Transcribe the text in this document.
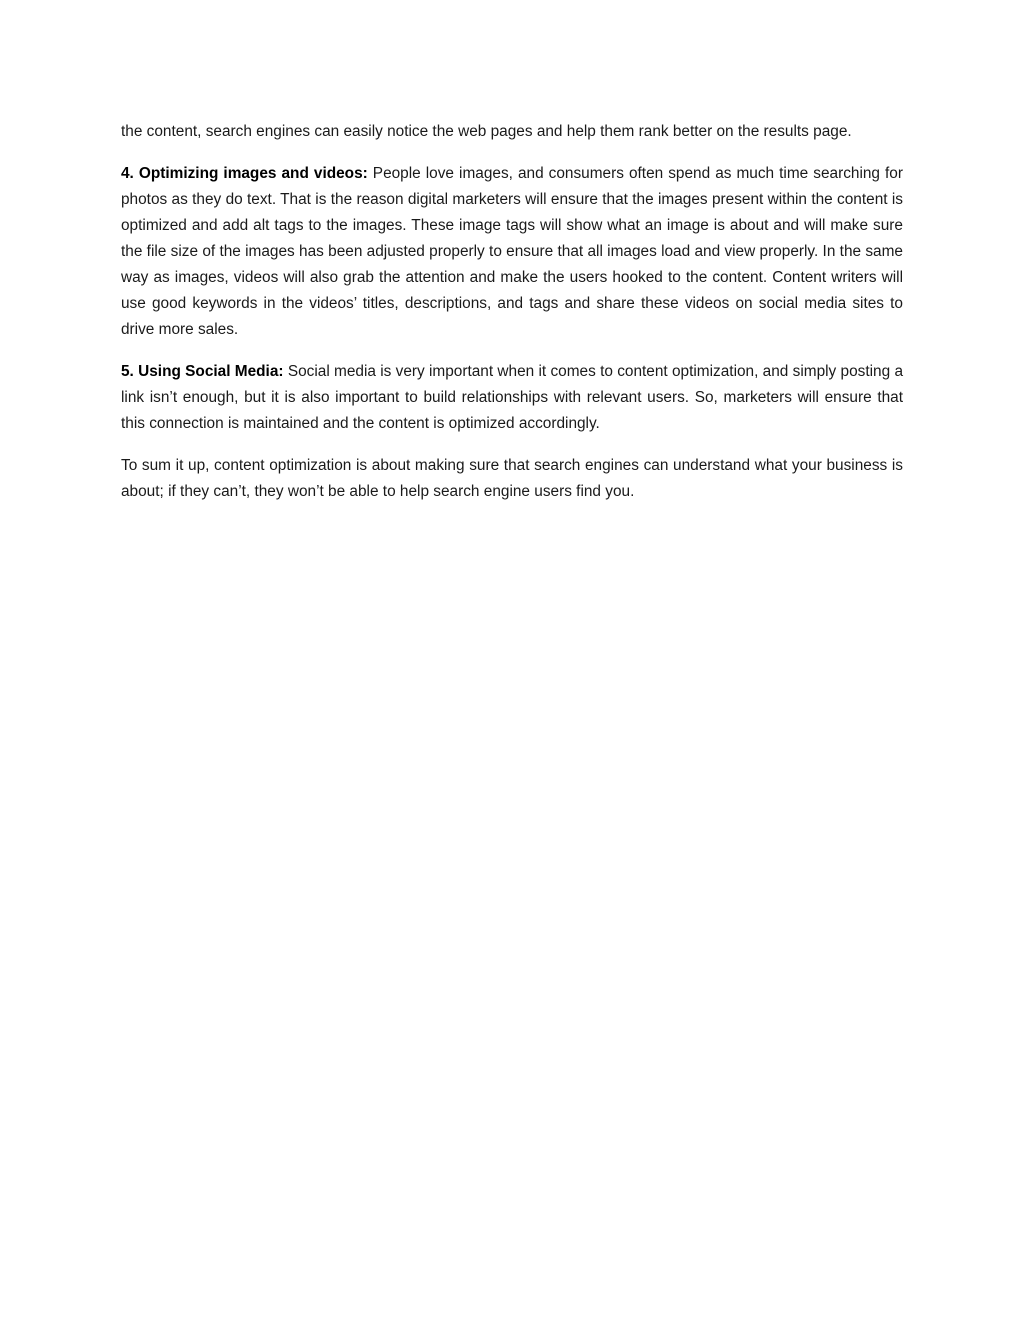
the content, search engines can easily notice the web pages and help them rank better on the results page.

4. Optimizing images and videos: People love images, and consumers often spend as much time searching for photos as they do text. That is the reason digital marketers will ensure that the images present within the content is optimized and add alt tags to the images. These image tags will show what an image is about and will make sure the file size of the images has been adjusted properly to ensure that all images load and view properly. In the same way as images, videos will also grab the attention and make the users hooked to the content. Content writers will use good keywords in the videos’ titles, descriptions, and tags and share these videos on social media sites to drive more sales.

5. Using Social Media: Social media is very important when it comes to content optimization, and simply posting a link isn’t enough, but it is also important to build relationships with relevant users. So, marketers will ensure that this connection is maintained and the content is optimized accordingly.

To sum it up, content optimization is about making sure that search engines can understand what your business is about; if they can’t, they won’t be able to help search engine users find you.
